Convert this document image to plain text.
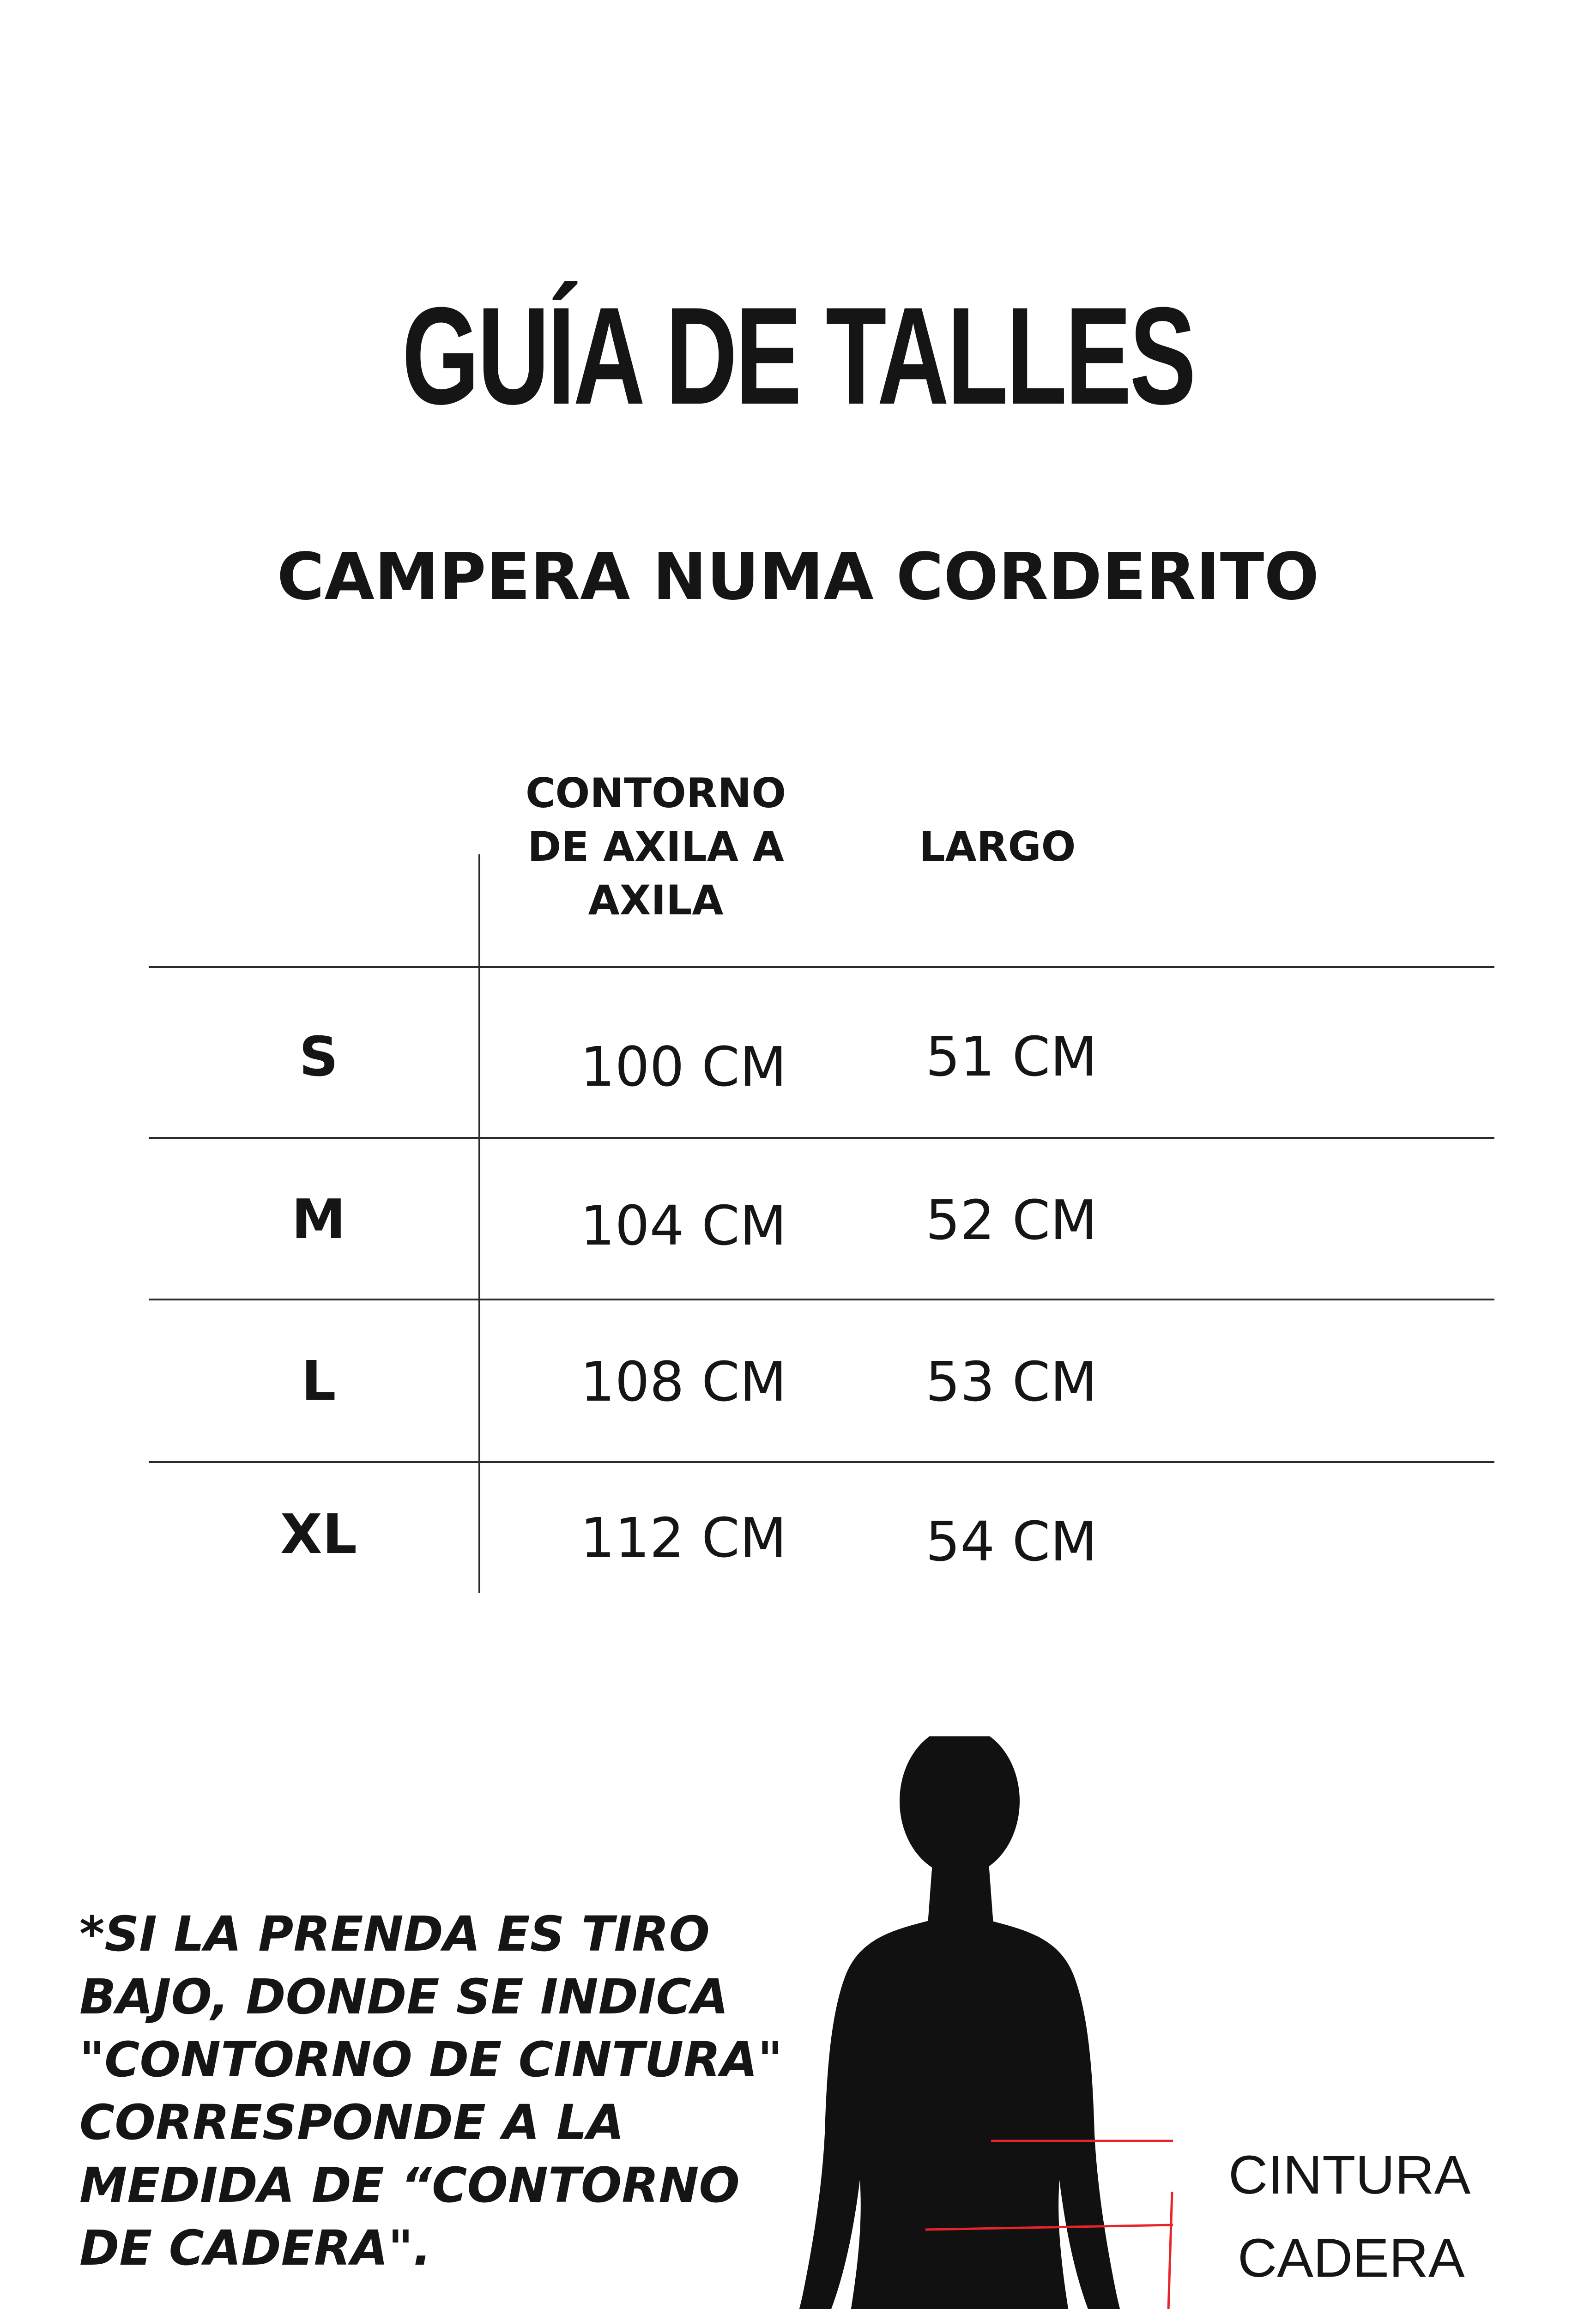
GUÍA DE TALLES
CAMPERA NUMA CORDERITO
CONTORNO DE AXILA A AXILA
LARGO
S	100 CM	51 CM
M	104 CM	52 CM
L	108 CM	53 CM
XL	112 CM	54 CM
*SI LA PRENDA ES TIRO BAJO, DONDE SE INDICA "CONTORNO DE CINTURA" CORRESPONDE A LA MEDIDA DE “CONTORNO DE CADERA".
CINTURA
CADERA
